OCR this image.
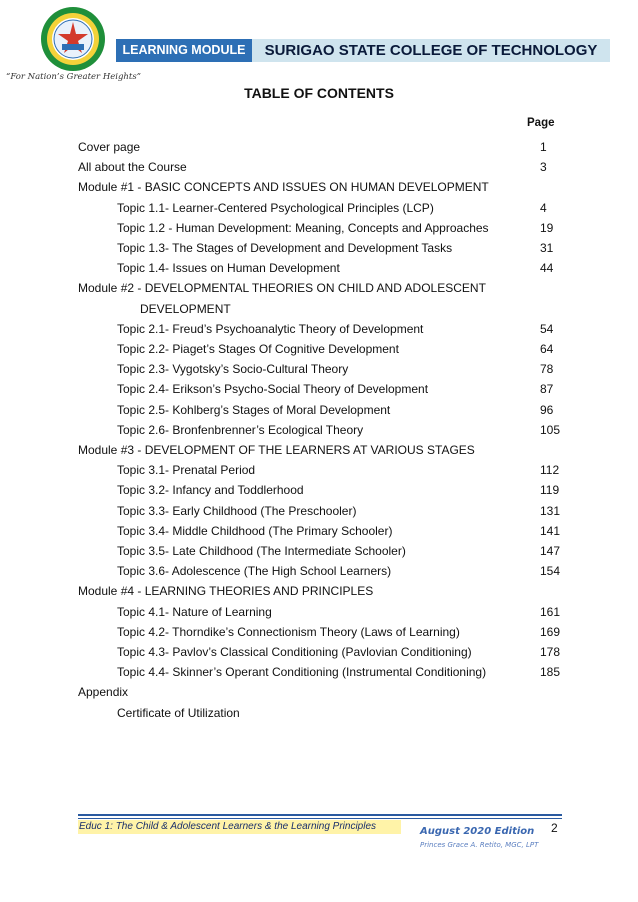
“For Nation’s Greater Heights”
LEARNING MODULE	SURIGAO STATE COLLEGE OF TECHNOLOGY
TABLE OF CONTENTS
Page
Cover page	1
All about the Course	3
Module #1 - BASIC CONCEPTS AND ISSUES ON HUMAN DEVELOPMENT
Topic 1.1- Learner-Centered Psychological Principles (LCP)	4
Topic 1.2 - Human Development: Meaning, Concepts and Approaches	19
Topic 1.3- The Stages of Development and Development Tasks	31
Topic 1.4- Issues on Human Development	44
Module #2 - DEVELOPMENTAL THEORIES ON CHILD AND ADOLESCENT
DEVELOPMENT
Topic 2.1- Freud’s Psychoanalytic Theory of Development	54
Topic 2.2- Piaget’s Stages Of Cognitive Development	64
Topic 2.3- Vygotsky’s Socio-Cultural Theory	78
Topic 2.4- Erikson’s Psycho-Social Theory of Development	87
Topic 2.5- Kohlberg’s Stages of Moral Development	96
Topic 2.6- Bronfenbrenner’s Ecological Theory	105
Module #3 - DEVELOPMENT OF THE LEARNERS AT VARIOUS STAGES
Topic 3.1- Prenatal Period	112
Topic 3.2- Infancy and Toddlerhood	119
Topic 3.3- Early Childhood (The Preschooler)	131
Topic 3.4- Middle Childhood (The Primary Schooler)	141
Topic 3.5- Late Childhood (The Intermediate Schooler)	147
Topic 3.6- Adolescence (The High School Learners)	154
Module #4 - LEARNING THEORIES AND PRINCIPLES
Topic 4.1- Nature of Learning	161
Topic 4.2- Thorndike’s Connectionism Theory (Laws of Learning)	169
Topic 4.3- Pavlov’s Classical Conditioning (Pavlovian Conditioning)	178
Topic 4.4- Skinner’s Operant Conditioning (Instrumental Conditioning)	185
Appendix
Certificate of Utilization
Educ 1: The Child & Adolescent Learners & the Learning Principles	2
August 2020 Edition
Princes Grace A. Retito, MGC, LPT
